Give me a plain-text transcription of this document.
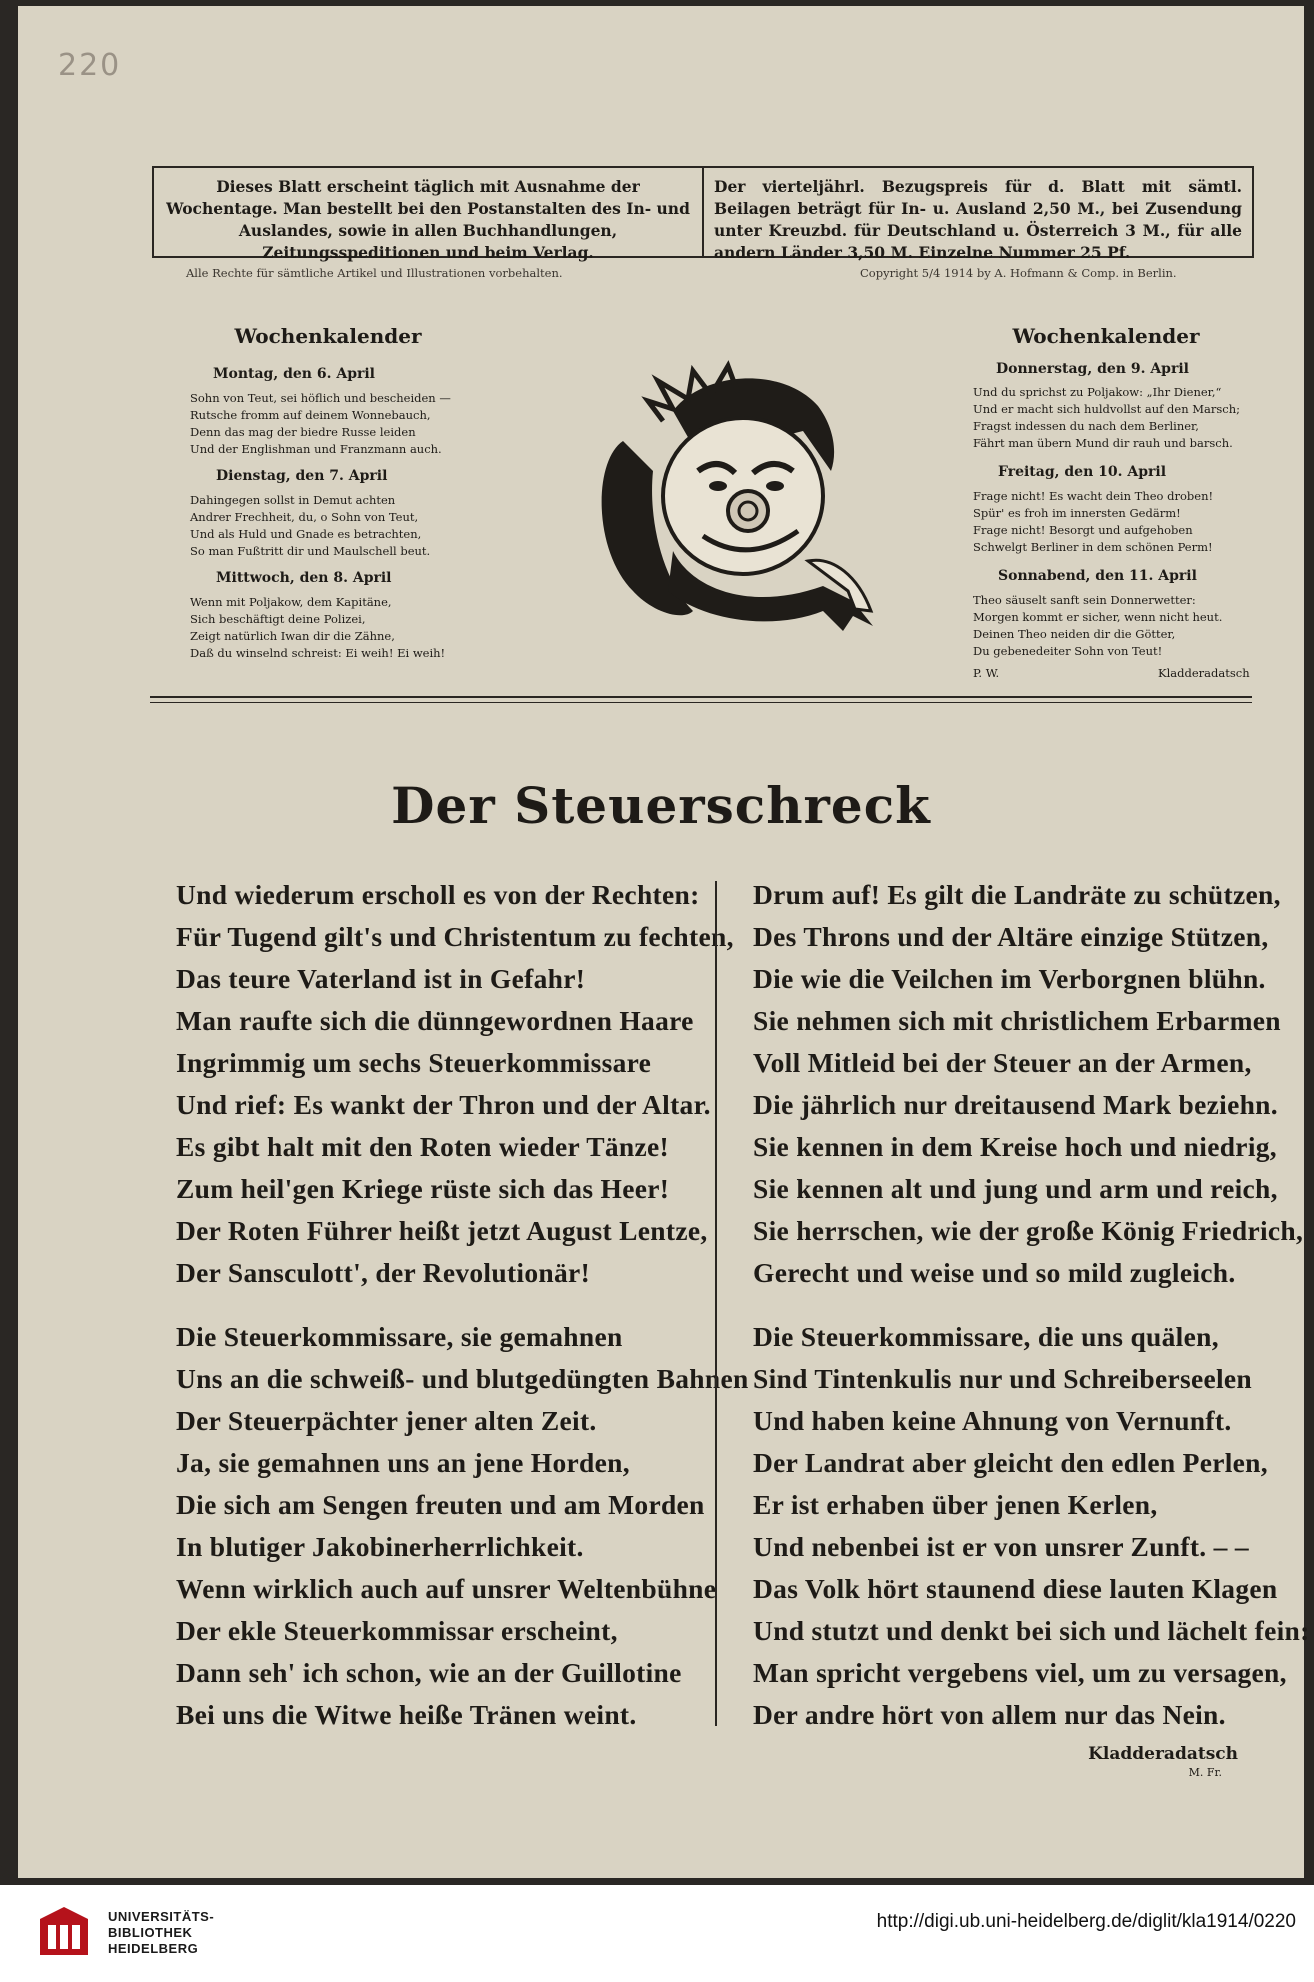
220
Dieses Blatt erscheint täglich mit Ausnahme der Wochentage. Man bestellt bei den Postanstalten des In- und Auslandes, sowie in allen Buchhandlungen, Zeitungsspeditionen und beim Verlag.
Der vierteljährl. Bezugspreis für d. Blatt mit sämtl. Beilagen beträgt für In- u. Ausland 2,50 M., bei Zusendung unter Kreuzbd. für Deutschland u. Österreich 3 M., für alle andern Länder 3,50 M. Einzelne Nummer 25 Pf.
Alle Rechte für sämtliche Artikel und Illustrationen vorbehalten.	Copyright 5/4 1914 by A. Hofmann & Comp. in Berlin.
Wochenkalender
Montag, den 6. April
Sohn von Teut, sei höflich und bescheiden —
Rutsche fromm auf deinem Wonnebauch,
Denn das mag der biedre Russe leiden
Und der Englishman und Franzmann auch.
Dienstag, den 7. April
Dahingegen sollst in Demut achten
Andrer Frechheit, du, o Sohn von Teut,
Und als Huld und Gnade es betrachten,
So man Fußtritt dir und Maulschell beut.
Mittwoch, den 8. April
Wenn mit Poljakow, dem Kapitäne,
Sich beschäftigt deine Polizei,
Zeigt natürlich Iwan dir die Zähne,
Daß du winselnd schreist: Ei weih! Ei weih!
Wochenkalender
Donnerstag, den 9. April
Und du sprichst zu Poljakow: „Ihr Diener,“
Und er macht sich huldvollst auf den Marsch;
Fragst indessen du nach dem Berliner,
Fährt man übern Mund dir rauh und barsch.
Freitag, den 10. April
Frage nicht! Es wacht dein Theo droben!
Spür' es froh im innersten Gedärm!
Frage nicht! Besorgt und aufgehoben
Schwelgt Berliner in dem schönen Perm!
Sonnabend, den 11. April
Theo säuselt sanft sein Donnerwetter:
Morgen kommt er sicher, wenn nicht heut.
Deinen Theo neiden dir die Götter,
Du gebenedeiter Sohn von Teut!
P. W.	Kladderadatsch
Der Steuerschreck
Und wiederum erscholl es von der Rechten:
Für Tugend gilt's und Christentum zu fechten,
Das teure Vaterland ist in Gefahr!
Man raufte sich die dünngewordnen Haare
Ingrimmig um sechs Steuerkommissare
Und rief: Es wankt der Thron und der Altar.
Es gibt halt mit den Roten wieder Tänze!
Zum heil'gen Kriege rüste sich das Heer!
Der Roten Führer heißt jetzt August Lentze,
Der Sansculott', der Revolutionär!
Die Steuerkommissare, sie gemahnen
Uns an die schweiß- und blutgedüngten Bahnen
Der Steuerpächter jener alten Zeit.
Ja, sie gemahnen uns an jene Horden,
Die sich am Sengen freuten und am Morden
In blutiger Jakobinerherrlichkeit.
Wenn wirklich auch auf unsrer Weltenbühne
Der ekle Steuerkommissar erscheint,
Dann seh' ich schon, wie an der Guillotine
Bei uns die Witwe heiße Tränen weint.
Drum auf! Es gilt die Landräte zu schützen,
Des Throns und der Altäre einzige Stützen,
Die wie die Veilchen im Verborgnen blühn.
Sie nehmen sich mit christlichem Erbarmen
Voll Mitleid bei der Steuer an der Armen,
Die jährlich nur dreitausend Mark beziehn.
Sie kennen in dem Kreise hoch und niedrig,
Sie kennen alt und jung und arm und reich,
Sie herrschen, wie der große König Friedrich,
Gerecht und weise und so mild zugleich.
Die Steuerkommissare, die uns quälen,
Sind Tintenkulis nur und Schreiberseelen
Und haben keine Ahnung von Vernunft.
Der Landrat aber gleicht den edlen Perlen,
Er ist erhaben über jenen Kerlen,
Und nebenbei ist er von unsrer Zunft. – –
Das Volk hört staunend diese lauten Klagen
Und stutzt und denkt bei sich und lächelt fein:
Man spricht vergebens viel, um zu versagen,
Der andre hört von allem nur das Nein.
Kladderadatsch
M. Fr.
UNIVERSITÄTS-
BIBLIOTHEK
HEIDELBERG
http://digi.ub.uni-heidelberg.de/diglit/kla1914/0220
